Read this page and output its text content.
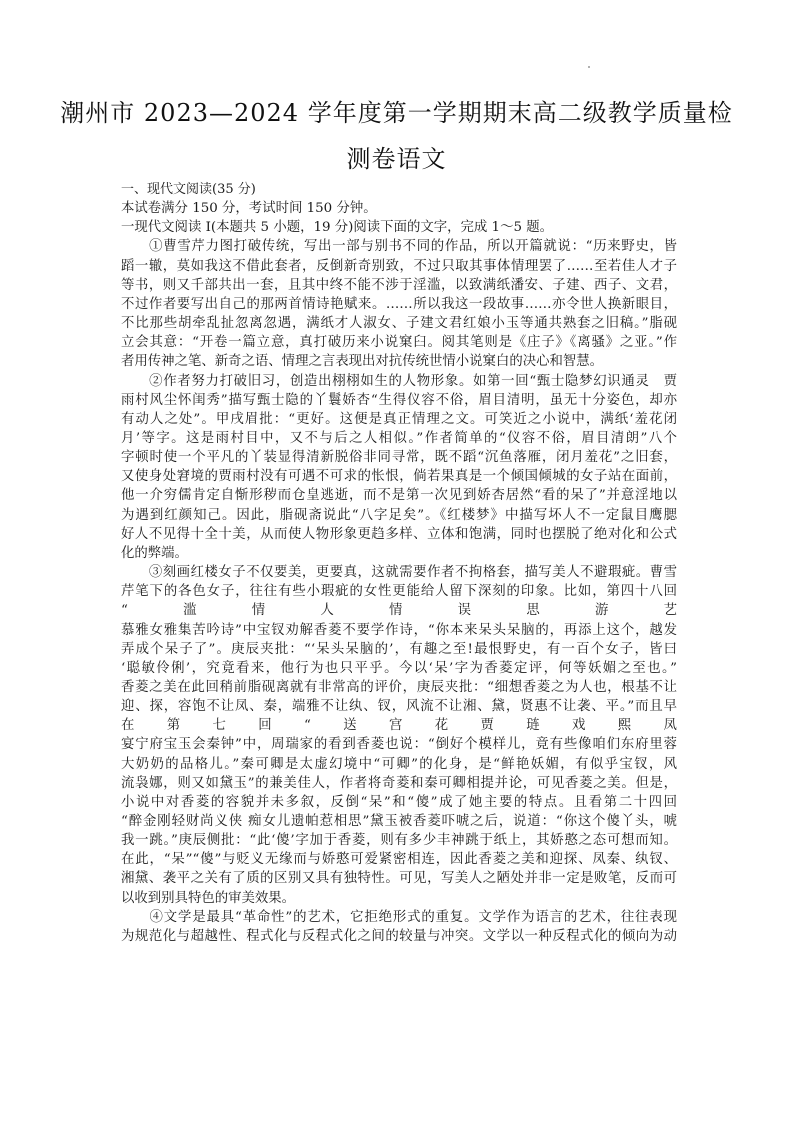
潮州市 2023—2024 学年度第一学期期末高二级教学质量检
测卷语文
一、现代文阅读(35 分)
本试卷满分 150 分，考试时间 150 分钟。
一现代文阅读 I(本题共 5 小题，19 分)阅读下面的文字，完成 1～5 题。
　　①曹雪芹力图打破传统，写出一部与别书不同的作品，所以开篇就说：“历来野史，皆
蹈一辙，莫如我这不借此套者，反倒新奇别致，不过只取其事体情理罢了……至若佳人才子
等书，则又千部共出一套，且其中终不能不涉于淫滥，以致满纸潘安、子建、西子、文君，
不过作者要写出自己的那两首情诗艳赋来。……所以我这一段故事……亦令世人换新眼目，
不比那些胡牵乱扯忽离忽遇，满纸才人淑女、子建文君红娘小玉等通共熟套之旧稿。”脂砚
立会其意：“开卷一篇立意，真打破历来小说窠臼。阅其笔则是《庄子》《离骚》之亚。”作
者用传神之笔、新奇之语、情理之言表现出对抗传统世情小说窠白的决心和智慧。
　　②作者努力打破旧习，创造出栩栩如生的人物形象。如第一回“甄士隐梦幻识通灵　贾
雨村风尘怀闺秀”描写甄士隐的丫鬟娇杏“生得仪容不俗，眉目清明，虽无十分姿色，却亦
有动人之处”。甲戌眉批：“更好。这便是真正情理之文。可笑近之小说中，满纸‘羞花闭
月’等字。这是雨村目中，又不与后之人相似。”作者简单的“仪容不俗，眉目清朗”八个
字顿时使一个平凡的丫装显得清新脱俗非同寻常，既不蹈“沉鱼落雁，闭月羞花”之旧套，
又使身处窘境的贾雨村没有可遇不可求的怅恨，倘若果真是一个倾国倾城的女子站在面前，
他一介穷儒肯定自惭形秽而仓皇逃逝，而不是第一次见到娇杏居然“看的呆了”并意淫地以
为遇到红颜知己。因此，脂砚斋说此“八字足矣”。《红楼梦》中描写坏人不一定鼠目鹰腮
好人不见得十全十美，从而使人物形象更趋多样、立体和饱满，同时也摆脱了绝对化和公式
化的弊端。
　　③刻画红楼女子不仅要美，更要真，这就需要作者不拘格套，描写美人不避瑕疵。曹雪
芹笔下的各色女子，往往有些小瑕疵的女性更能给人留下深刻的印象。比如，第四十八回
“	滥	情	人	情	误	思	游	艺
慕雅女雅集苦吟诗”中宝钗劝解香菱不要学作诗，“你本来呆头呆脑的，再添上这个，越发
弄成个呆子了”。庚辰夹批：“‘呆头呆脑的’，有趣之至!最恨野史，有一百个女子，皆曰
‘聪敏伶俐’，究竟看来，他行为也只平乎。今以‘呆’字为香菱定评，何等妖媚之至也。”
香菱之美在此回稍前脂砚离就有非常高的评价，庚辰夹批：“细想香菱之为人也，根基不让
迎、探，容饱不让凤、秦，端雅不让纨、钗，风流不让湘、黛，贤惠不让袭、平。”而且早
在 第 七 回 “ 送 宫 花 贾 琏 戏 熙 凤
宴宁府宝玉会秦钟”中，周瑞家的看到香菱也说：“倒好个模样儿，竟有些像咱们东府里蓉
大奶奶的品格儿。”秦可卿是太虚幻境中“可卿”的化身，是“鲜艳妖媚，有似乎宝钗，风
流袅娜，则又如黛玉”的兼美佳人，作者将奇菱和秦可卿相提并论，可见香菱之美。但是，
小说中对香菱的容貌并未多叙，反倒“呆”和“傻”成了她主要的特点。且看第二十四回
“醉金刚轻财尚义侠 痴女儿遗帕惹相思”黛玉被香菱吓唬之后，说道：“你这个傻丫头，唬
我一跳。”庚辰侧批：“此‘傻’字加于香菱，则有多少丰神跳于纸上，其娇憨之态可想而知。
在此，“呆”“傻”与贬义无缘而与娇憨可爱紧密相连，因此香菱之美和迎探、凤秦、纨钗、
湘黛、袭平之关有了质的区别又具有独特性。可见，写美人之陋处并非一定是败笔，反而可
以收到别具特色的审美效果。
　　④文学是最具“革命性”的艺术，它拒绝形式的重复。文学作为语言的艺术，往往表现
为规范化与超越性、程式化与反程式化之间的较量与冲突。文学以一种反程式化的倾向为动
